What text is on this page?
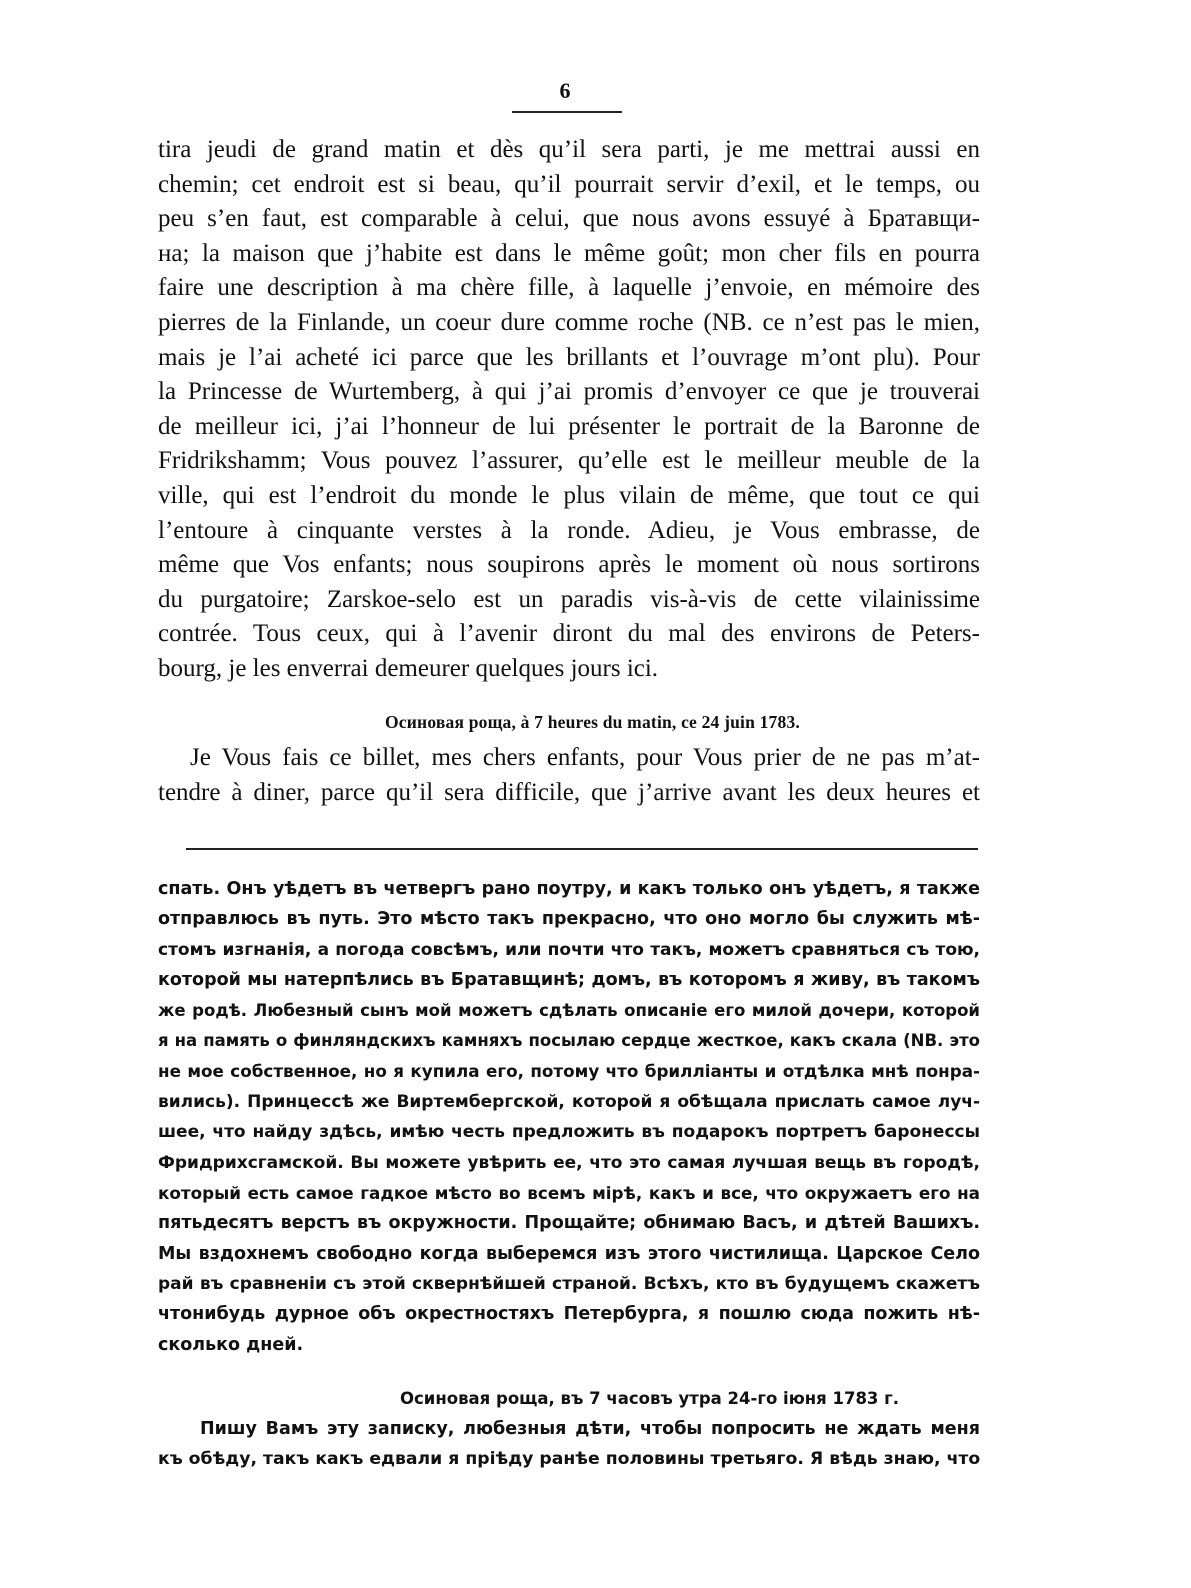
6
tira jeudi de grand matin et dès qu’il sera parti, je me mettrai aussi en
chemin; cet endroit est si beau, qu’il pourrait servir d’exil, et le temps, ou
peu s’en faut, est comparable à celui, que nous avons essuyé à Братавщи-
на; la maison que j’habite est dans le même goût; mon cher fils en pourra
faire une description à ma chère fille, à laquelle j’envoie, en mémoire des
pierres de la Finlande, un coeur dure comme roche (NB. ce n’est pas le mien,
mais je l’ai acheté ici parce que les brillants et l’ouvrage m’ont plu). Pour
la Princesse de Wurtemberg, à qui j’ai promis d’envoyer ce que je trouverai
de meilleur ici, j’ai l’honneur de lui présenter le portrait de la Baronne de
Fridrikshamm; Vous pouvez l’assurer, qu’elle est le meilleur meuble de la
ville, qui est l’endroit du monde le plus vilain de même, que tout ce qui
l’entoure à cinquante verstes à la ronde. Adieu, je Vous embrasse, de
même que Vos enfants; nous soupirons après le moment où nous sortirons
du purgatoire; Zarskoe-selo est un paradis vis-à-vis de cette vilainissime
contrée. Tous ceux, qui à l’avenir diront du mal des environs de Peters-
bourg, je les enverrai demeurer quelques jours ici.
Осиновая роща, à 7 heures du matin, ce 24 juin 1783.
Je Vous fais ce billet, mes chers enfants, pour Vous prier de ne pas m’at-
tendre à diner, parce qu’il sera difficile, que j’arrive avant les deux heures et
спать. Онъ уѣдетъ въ четвергъ рано поутру, и какъ только онъ уѣдетъ, я также
отправлюсь въ путь. Это мѣсто такъ прекрасно, что оно могло бы служить мѣ-
стомъ изгнанія, а погода совсѣмъ, или почти что такъ, можетъ сравняться съ тою,
которой мы натерпѣлись въ Братавщинѣ; домъ, въ которомъ я живу, въ такомъ
же родѣ. Любезный сынъ мой можетъ сдѣлать описаніе его милой дочери, которой
я на память о финляндскихъ камняхъ посылаю сердце жесткое, какъ скала (NB. это
не мое собственное, но я купила его, потому что брилліанты и отдѣлка мнѣ понра-
вились). Принцессѣ же Виртембергской, которой я обѣщала прислать самое луч-
шее, что найду здѣсь, имѣю честь предложить въ подарокъ портретъ баронессы
Фридрихсгамской. Вы можете увѣрить ее, что это самая лучшая вещь въ городѣ,
который есть самое гадкое мѣсто во всемъ мірѣ, какъ и все, что окружаетъ его на
пятьдесятъ верстъ въ окружности. Прощайте; обнимаю Васъ, и дѣтей Вашихъ.
Мы вздохнемъ свободно когда выберемся изъ этого чистилища. Царское Село
рай въ сравненіи съ этой сквернѣйшей страной. Всѣхъ, кто въ будущемъ скажетъ
чтонибудь дурное объ окрестностяхъ Петербурга, я пошлю сюда пожить нѣ-
сколько дней.
Осиновая роща, въ 7 часовъ утра 24-го іюня 1783 г.
Пишу Вамъ эту записку, любезныя дѣти, чтобы попросить не ждать меня
къ обѣду, такъ какъ едвали я пріѣду ранѣе половины третьяго. Я вѣдь знаю, что
